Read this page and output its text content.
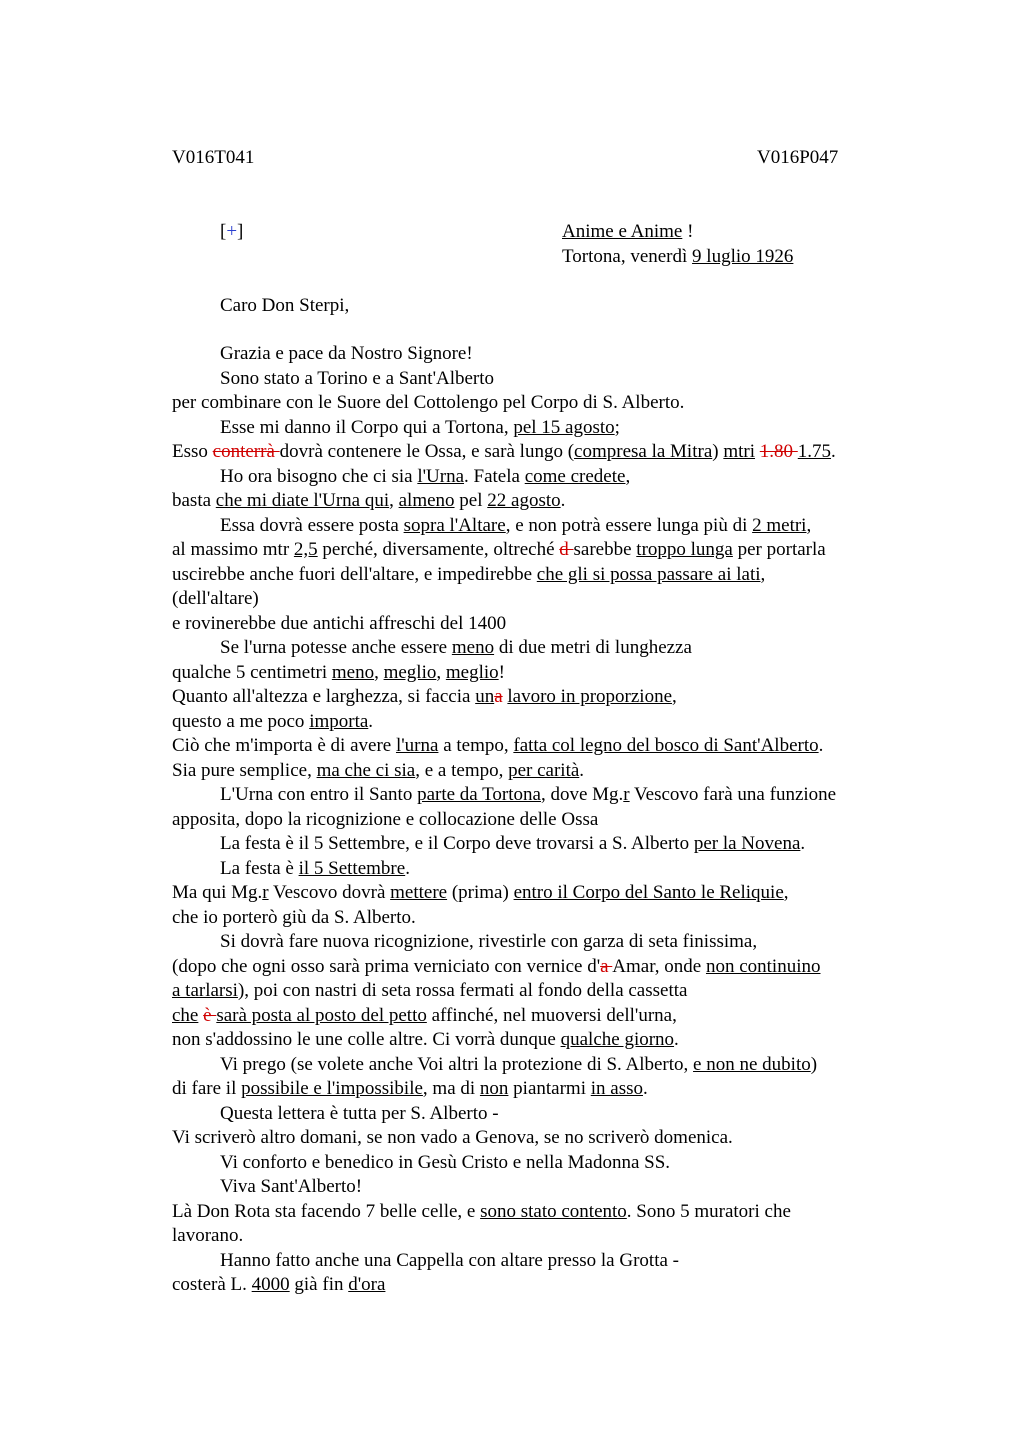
V016T041	V016P047
[+]	Anime e Anime !
Tortona, venerdì 9 luglio 1926
Caro Don Sterpi,
Grazia e pace da Nostro Signore!
Sono stato a Torino e a Sant'Alberto
per combinare con le Suore del Cottolengo pel Corpo di S. Alberto.
Esse mi danno il Corpo qui a Tortona, pel 15 agosto;
Esso conterrà dovrà contenere le Ossa, e sarà lungo (compresa la Mitra) mtri 1.80 1.75.
Ho ora bisogno che ci sia l'Urna. Fatela come credete,
basta che mi diate l'Urna qui, almeno pel 22 agosto.
Essa dovrà essere posta sopra l'Altare, e non potrà essere lunga più di 2 metri,
al massimo mtr 2,5 perché, diversamente, oltreché d sarebbe troppo lunga per portarla
uscirebbe anche fuori dell'altare, e impedirebbe che gli si possa passare ai lati,
(dell'altare)
e rovinerebbe due antichi affreschi del 1400
Se l'urna potesse anche essere meno di due metri di lunghezza
qualche 5 centimetri meno, meglio, meglio!
Quanto all'altezza e larghezza, si faccia una lavoro in proporzione,
questo a me poco importa.
Ciò che m'importa è di avere l'urna a tempo, fatta col legno del bosco di Sant'Alberto.
Sia pure semplice, ma che ci sia, e a tempo, per carità.
L'Urna con entro il Santo parte da Tortona, dove Mg.r Vescovo farà una funzione
apposita, dopo la ricognizione e collocazione delle Ossa
La festa è il 5 Settembre, e il Corpo deve trovarsi a S. Alberto per la Novena.
La festa è il 5 Settembre.
Ma qui Mg.r Vescovo dovrà mettere (prima) entro il Corpo del Santo le Reliquie,
che io porterò giù da S. Alberto.
Si dovrà fare nuova ricognizione, rivestirle con garza di seta finissima,
(dopo che ogni osso sarà prima verniciato con vernice d'a Amar, onde non continuino
a tarlarsi), poi con nastri di seta rossa fermati al fondo della cassetta
che è sarà posta al posto del petto affinché, nel muoversi dell'urna,
non s'addossino le une colle altre. Ci vorrà dunque qualche giorno.
Vi prego (se volete anche Voi altri la protezione di S. Alberto, e non ne dubito)
di fare il possibile e l'impossibile, ma di non piantarmi in asso.
Questa lettera è tutta per S. Alberto -
Vi scriverò altro domani, se non vado a Genova, se no scriverò domenica.
Vi conforto e benedico in Gesù Cristo e nella Madonna SS.
Viva Sant'Alberto!
Là Don Rota sta facendo 7 belle celle, e sono stato contento. Sono 5 muratori che
lavorano.
Hanno fatto anche una Cappella con altare presso la Grotta -
costerà L. 4000 già fin d'ora
